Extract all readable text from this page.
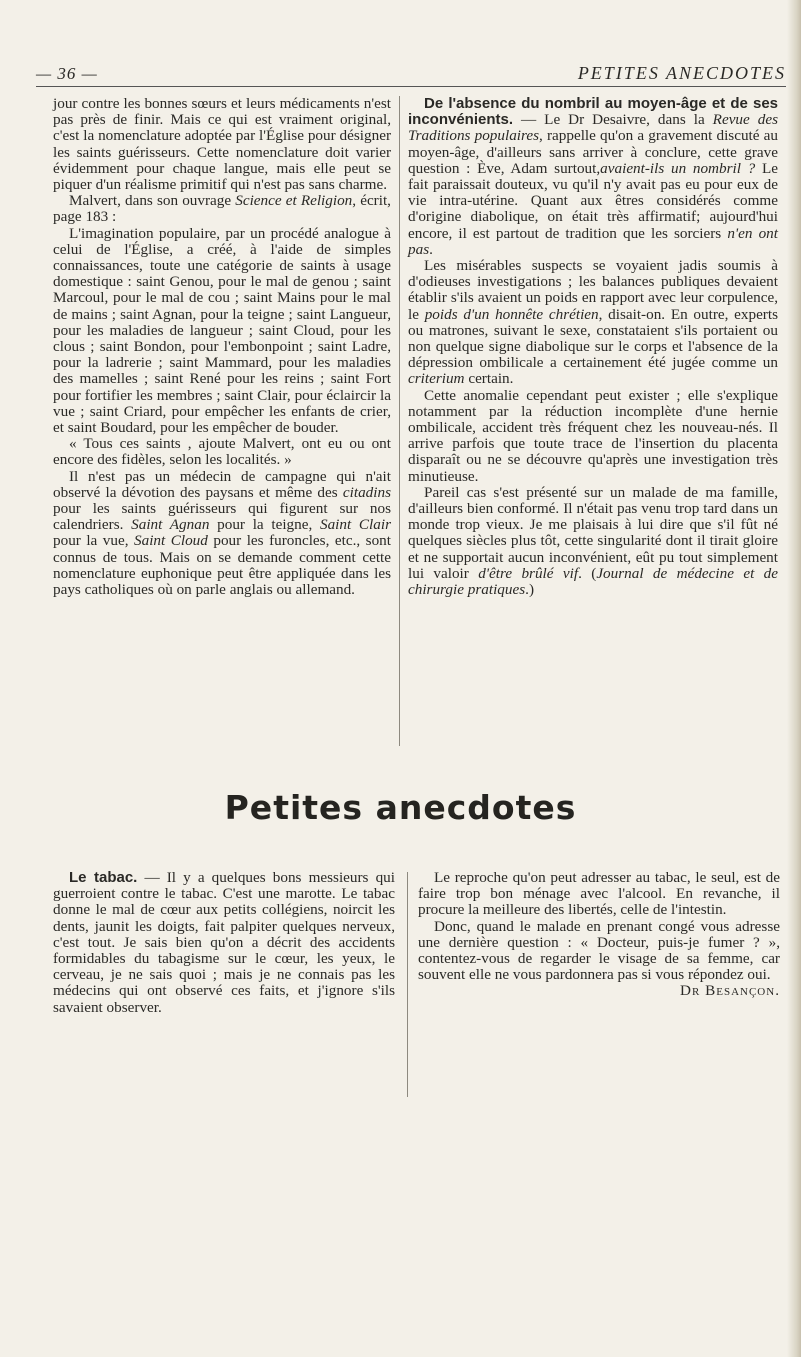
— 36 —	PETITES ANECDOTES

jour contre les bonnes sœurs et leurs médicaments n'est pas près de finir. Mais ce qui est vraiment original, c'est la nomenclature adoptée par l'Église pour désigner les saints guérisseurs. Cette nomenclature doit varier évidemment pour chaque langue, mais elle peut se piquer d'un réalisme primitif qui n'est pas sans charme.

Malvert, dans son ouvrage Science et Religion, écrit, page 183 :

L'imagination populaire, par un procédé analogue à celui de l'Église, a créé, à l'aide de simples connaissances, toute une catégorie de saints à usage domestique : saint Genou, pour le mal de genou ; saint Marcoul, pour le mal de cou ; saint Mains pour le mal de mains ; saint Agnan, pour la teigne ; saint Langueur, pour les maladies de langueur ; saint Cloud, pour les clous ; saint Bondon, pour l'embonpoint ; saint Ladre, pour la ladrerie ; saint Mammard, pour les maladies des mamelles ; saint René pour les reins ; saint Fort pour fortifier les membres ; saint Clair, pour éclaircir la vue ; saint Criard, pour empêcher les enfants de crier, et saint Boudard, pour les empêcher de bouder.

« Tous ces saints , ajoute Malvert, ont eu ou ont encore des fidèles, selon les localités. »

Il n'est pas un médecin de campagne qui n'ait observé la dévotion des paysans et même des citadins pour les saints guérisseurs qui figurent sur nos calendriers. Saint Agnan pour la teigne, Saint Clair pour la vue, Saint Cloud pour les furoncles, etc., sont connus de tous. Mais on se demande comment cette nomenclature euphonique peut être appliquée dans les pays catholiques où on parle anglais ou allemand.

De l'absence du nombril au moyen-âge et de ses inconvénients. — Le Dr Desaivre, dans la Revue des Traditions populaires, rappelle qu'on a gravement discuté au moyen-âge, d'ailleurs sans arriver à conclure, cette grave question : Ève, Adam surtout,avaient-ils un nombril ? Le fait paraissait douteux, vu qu'il n'y avait pas eu pour eux de vie intra-utérine. Quant aux êtres considérés comme d'origine diabolique, on était très affirmatif; aujourd'hui encore, il est partout de tradition que les sorciers n'en ont pas.

Les misérables suspects se voyaient jadis soumis à d'odieuses investigations ; les balances publiques devaient établir s'ils avaient un poids en rapport avec leur corpulence, le poids d'un honnête chrétien, disait-on. En outre, experts ou matrones, suivant le sexe, constataient s'ils portaient ou non quelque signe diabolique sur le corps et l'absence de la dépression ombilicale a certainement été jugée comme un criterium certain.

Cette anomalie cependant peut exister ; elle s'explique notamment par la réduction incomplète d'une hernie ombilicale, accident très fréquent chez les nouveau-nés. Il arrive parfois que toute trace de l'insertion du placenta disparaît ou ne se découvre qu'après une investigation très minutieuse.

Pareil cas s'est présenté sur un malade de ma famille, d'ailleurs bien conformé. Il n'était pas venu trop tard dans un monde trop vieux. Je me plaisais à lui dire que s'il fût né quelques siècles plus tôt, cette singularité dont il tirait gloire et ne supportait aucun inconvénient, eût pu tout simplement lui valoir d'être brûlé vif. (Journal de médecine et de chirurgie pratiques.)

Petites anecdotes

Le tabac. — Il y a quelques bons messieurs qui guerroient contre le tabac. C'est une marotte. Le tabac donne le mal de cœur aux petits collégiens, noircit les dents, jaunit les doigts, fait palpiter quelques nerveux, c'est tout. Je sais bien qu'on a décrit des accidents formidables du tabagisme sur le cœur, les yeux, le cerveau, je ne sais quoi ; mais je ne connais pas les médecins qui ont observé ces faits, et j'ignore s'ils savaient observer.

Le reproche qu'on peut adresser au tabac, le seul, est de faire trop bon ménage avec l'alcool. En revanche, il procure la meilleure des libertés, celle de l'intestin.

Donc, quand le malade en prenant congé vous adresse une dernière question : « Docteur, puis-je fumer ? », contentez-vous de regarder le visage de sa femme, car souvent elle ne vous pardonnera pas si vous répondez oui.

Dr Besançon.
